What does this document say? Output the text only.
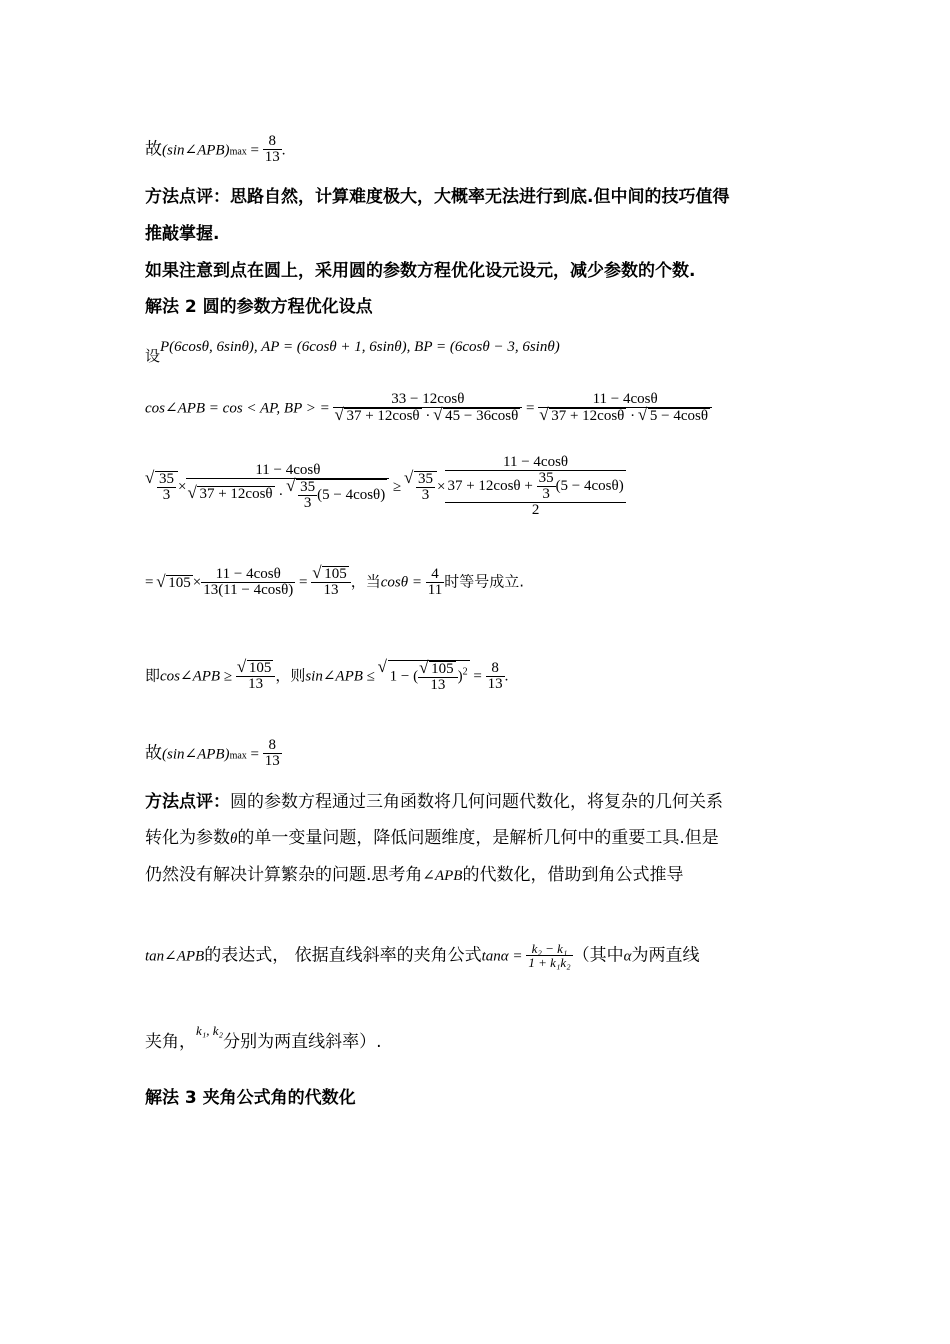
故(sin∠APB)max = $\frac{8}{13}$ .
方法点评：思路自然，计算难度极大，大概率无法进行到底.但中间的技巧值得
推敲掌握.
如果注意到点在圆上，采用圆的参数方程优化设元设元，减少参数的个数.
解法 2 圆的参数方程优化设点
设P(6cosθ, 6sinθ), AP = (6cosθ + 1, 6sinθ), BP = (6cosθ − 3, 6sinθ)
cos∠APB = cos < AP, BP > = 33 − 12cosθ
√ 37 + 12cosθ · √ 45 − 36cosθ = 11 − 4cosθ
√ 37 + 12cosθ · √ 5 − 4cosθ
√ $\frac{35}{3} \times 11 - 4\cos\theta$
√ 37 + 12cosθ · √ $\frac{35}{3} (5 - 4\cos\theta)$ ≥ √ $\frac{35}{3}$ ×
11 − 4cosθ
$37 + 12\cos\theta + \frac{35}{3} (5 - 4\cos\theta)$
2
= √ $105 \times \frac{11 - 4\cos\theta}{13(11 - 4\cos\theta)}$ = √ $\frac{105}{13}$ ，当$\cos\theta = \frac{4}{11}$ 时等号成立.
即cos∠APB ≥ √ $\frac{105}{13}$ ，则sin∠APB ≤ √ 1 − ( √ $\frac{105}{13} )^2 = \frac{8}{13}$ .
故(sin∠APB)max = $\frac{8}{13}$
方法点评：圆的参数方程通过三角函数将几何问题代数化，将复杂的几何关系
转化为参数θ的单一变量问题，降低问题维度，是解析几何中的重要工具.但是
仍然没有解决计算繁杂的问题.思考角∠APB的代数化，借助到角公式推导
tan∠APB的表达式， 依据直线斜率的夹角公式$\tan\alpha = \frac{\text{k₂ − k₁}}{\text{1 + k₁k₂}}$ （其中α为两直线
夹角，$^{k_1, k_2}$分别为两直线斜率）.
解法 3 夹角公式角的代数化
